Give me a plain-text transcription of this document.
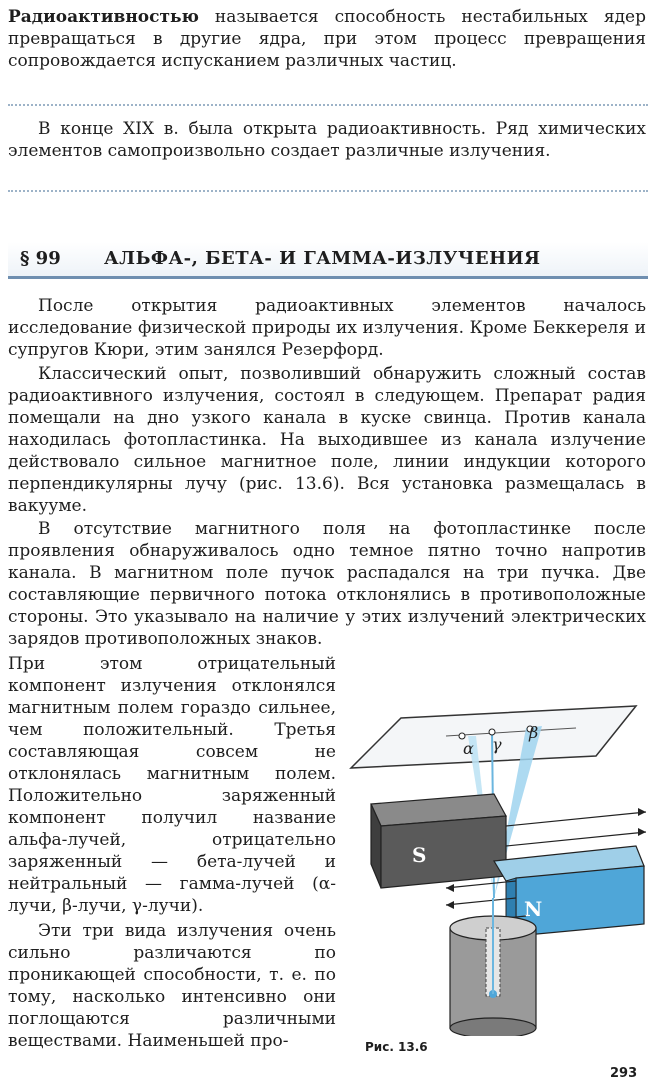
Радиоактивностью называется способность нестабильных ядер превращаться в другие ядра, при этом процесс превращения сопровождается испусканием различных частиц.

В конце XIX в. была открыта радиоактивность. Ряд химических элементов самопроизвольно создает различные излучения.

§ 99 АЛЬФА-, БЕТА- И ГАММА-ИЗЛУЧЕНИЯ

После открытия радиоактивных элементов началось исследование физической природы их излучения. Кроме Беккереля и супругов Кюри, этим занялся Резерфорд.

Классический опыт, позволивший обнаружить сложный состав радиоактивного излучения, состоял в следующем. Препарат радия помещали на дно узкого канала в куске свинца. Против канала находилась фотопластинка. На выходившее из канала излучение действовало сильное магнитное поле, линии индукции которого перпендикулярны лучу (рис. 13.6). Вся установка размещалась в вакууме.

В отсутствие магнитного поля на фотопластинке после проявления обнаруживалось одно темное пятно точно напротив канала. В магнитном поле пучок распадался на три пучка. Две составляющие первичного потока отклонялись в противоположные стороны. Это указывало на наличие у этих излучений электрических зарядов противоположных знаков.

При этом отрицательный компонент излучения отклонялся магнитным полем гораздо сильнее, чем положительный. Третья составляющая совсем не отклонялась магнитным полем. Положительно заряженный компонент получил название альфа-лучей, отрицательно заряженный — бета-лучей и нейтральный — гамма-лучей (α-лучи, β-лучи, γ-лучи).

Эти три вида излучения очень сильно различаются по проникающей способности, т. е. по тому, насколько интенсивно они поглощаются различными веществами. Наименьшей про-

α γ
β
S
N
Рис. 13.6
293
